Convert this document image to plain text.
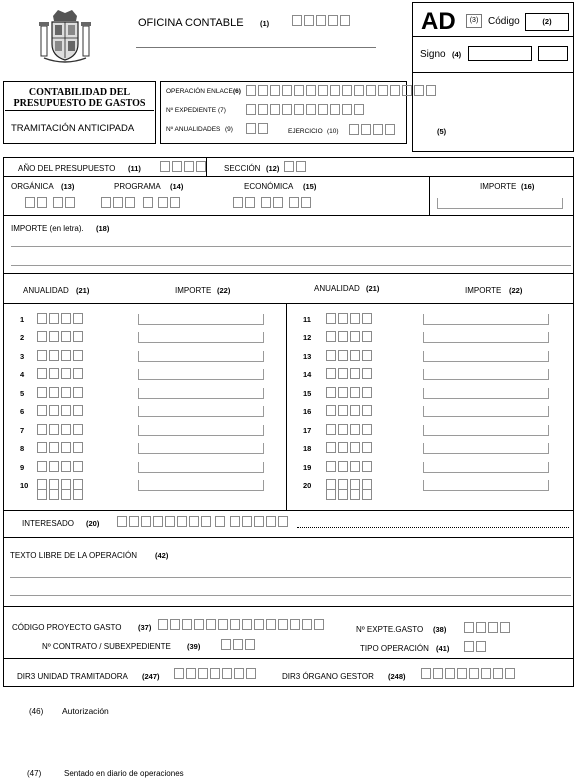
OFICINA CONTABLE (1)	AD	(3) Código	(2)
Signo (4)
(5)
CONTABILIDAD DEL
PRESUPUESTO DE GASTOS
TRAMITACIÓN ANTICIPADA
OPERACIÓN ENLACE (6)
Nº EXPEDIENTE (7)
Nº ANUALIDADES (9)	EJERCICIO (10)
AÑO DEL PRESUPUESTO (11)	SECCIÓN (12)
ORGÁNICA (13)	PROGRAMA (14)	ECONÓMICA (15)	IMPORTE (16)
IMPORTE (en letra). (18)
ANUALIDAD (21)	IMPORTE (22)	ANUALIDAD (21)	IMPORTE (22)
1
2
3
4
5
6
7
8
9
10
11
12
13
14
15
16
17
18
19
20
INTERESADO (20)
TEXTO LIBRE DE LA OPERACIÓN (42)
CÓDIGO PROYECTO GASTO (37)	Nº EXPTE.GASTO (38)
Nº CONTRATO / SUBEXPEDIENTE (39)	TIPO OPERACIÓN (41)
DIR3 UNIDAD TRAMITADORA (247)	DIR3 ÓRGANO GESTOR (248)
(46) Autorización
(47)	Sentado en diario de operaciones
